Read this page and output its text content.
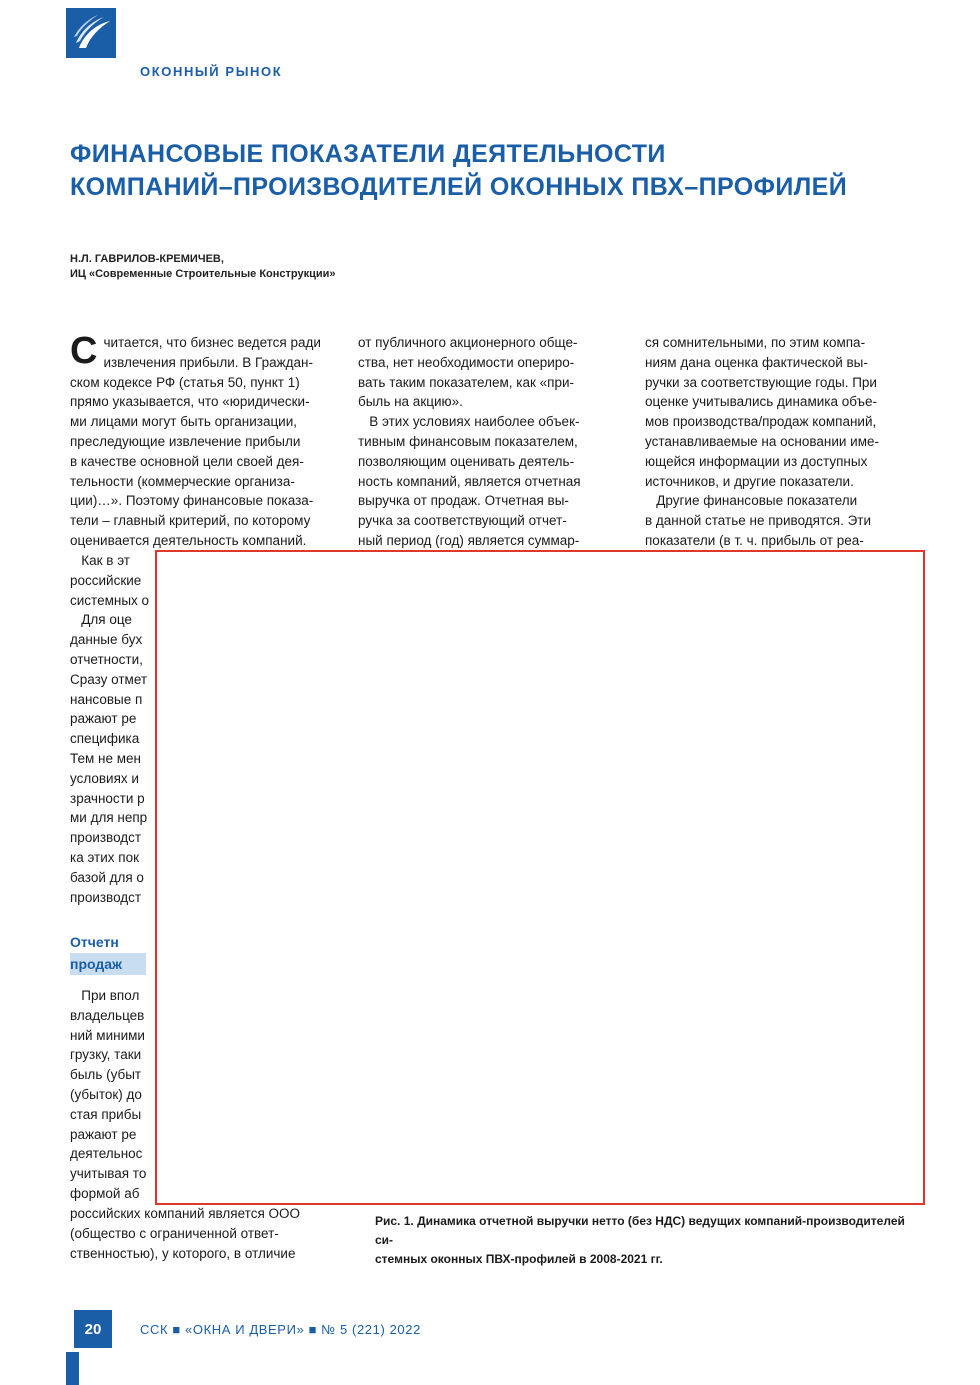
ОКОННЫЙ РЫНОК
ФИНАНСОВЫЕ ПОКАЗАТЕЛИ ДЕЯТЕЛЬНОСТИ
КОМПАНИЙ–ПРОИЗВОДИТЕЛЕЙ ОКОННЫХ ПВХ–ПРОФИЛЕЙ
Н.Л. ГАВРИЛОВ-КРЕМИЧЕВ,
ИЦ «Современные Строительные Конструкции»
С читается, что бизнес ведется ради
извлечения прибыли. В Граждан-
ском кодексе РФ (статья 50, пункт 1)
прямо указывается, что «юридически-
ми лицами могут быть организации,
преследующие извлечение прибыли
в качестве основной цели своей дея-
тельности (коммерческие организа-
ции)…». Поэтому финансовые показа-
тели – главный критерий, по которому
оценивается деятельность компаний.
Как в эт
российские
системных о
Для оце
данные бух
отчетности,
Сразу отмет
нансовые п
ражают ре
специфика
Тем не мен
условиях и
зрачности р
ми для непр
производст
ка этих пок
базой для о
производст
Отчетн
продаж
При впол
владельцев
ний миними
грузку, таки
быль (убыт
(убыток) до
стая прибы
ражают ре
деятельнос
учитывая то
формой аб
российских компаний является ООО
(общество с ограниченной ответ-
ственностью), у которого, в отличие
от публичного акционерного обще-
ства, нет необходимости опериро-
вать таким показателем, как «при-
быль на акцию».
В этих условиях наиболее объек-
тивным финансовым показателем,
позволяющим оценивать деятель-
ность компаний, является отчетная
выручка от продаж. Отчетная вы-
ручка за соответствующий отчет-
ный период (год) является суммар-
ся сомнительными, по этим компа-
ниям дана оценка фактической вы-
ручки за соответствующие годы. При
оценке учитывались динамика объе-
мов производства/продаж компаний,
устанавливаемые на основании име-
ющейся информации из доступных
источников, и другие показатели.
Другие финансовые показатели
в данной статье не приводятся. Эти
показатели (в т. ч. прибыль от реа-
Рис. 1. Динамика отчетной выручки нетто (без НДС) ведущих компаний-производителей си-
стемных оконных ПВХ-профилей в 2008-2021 гг.
20	ССК ■ «ОКНА И ДВЕРИ» ■ № 5 (221) 2022
